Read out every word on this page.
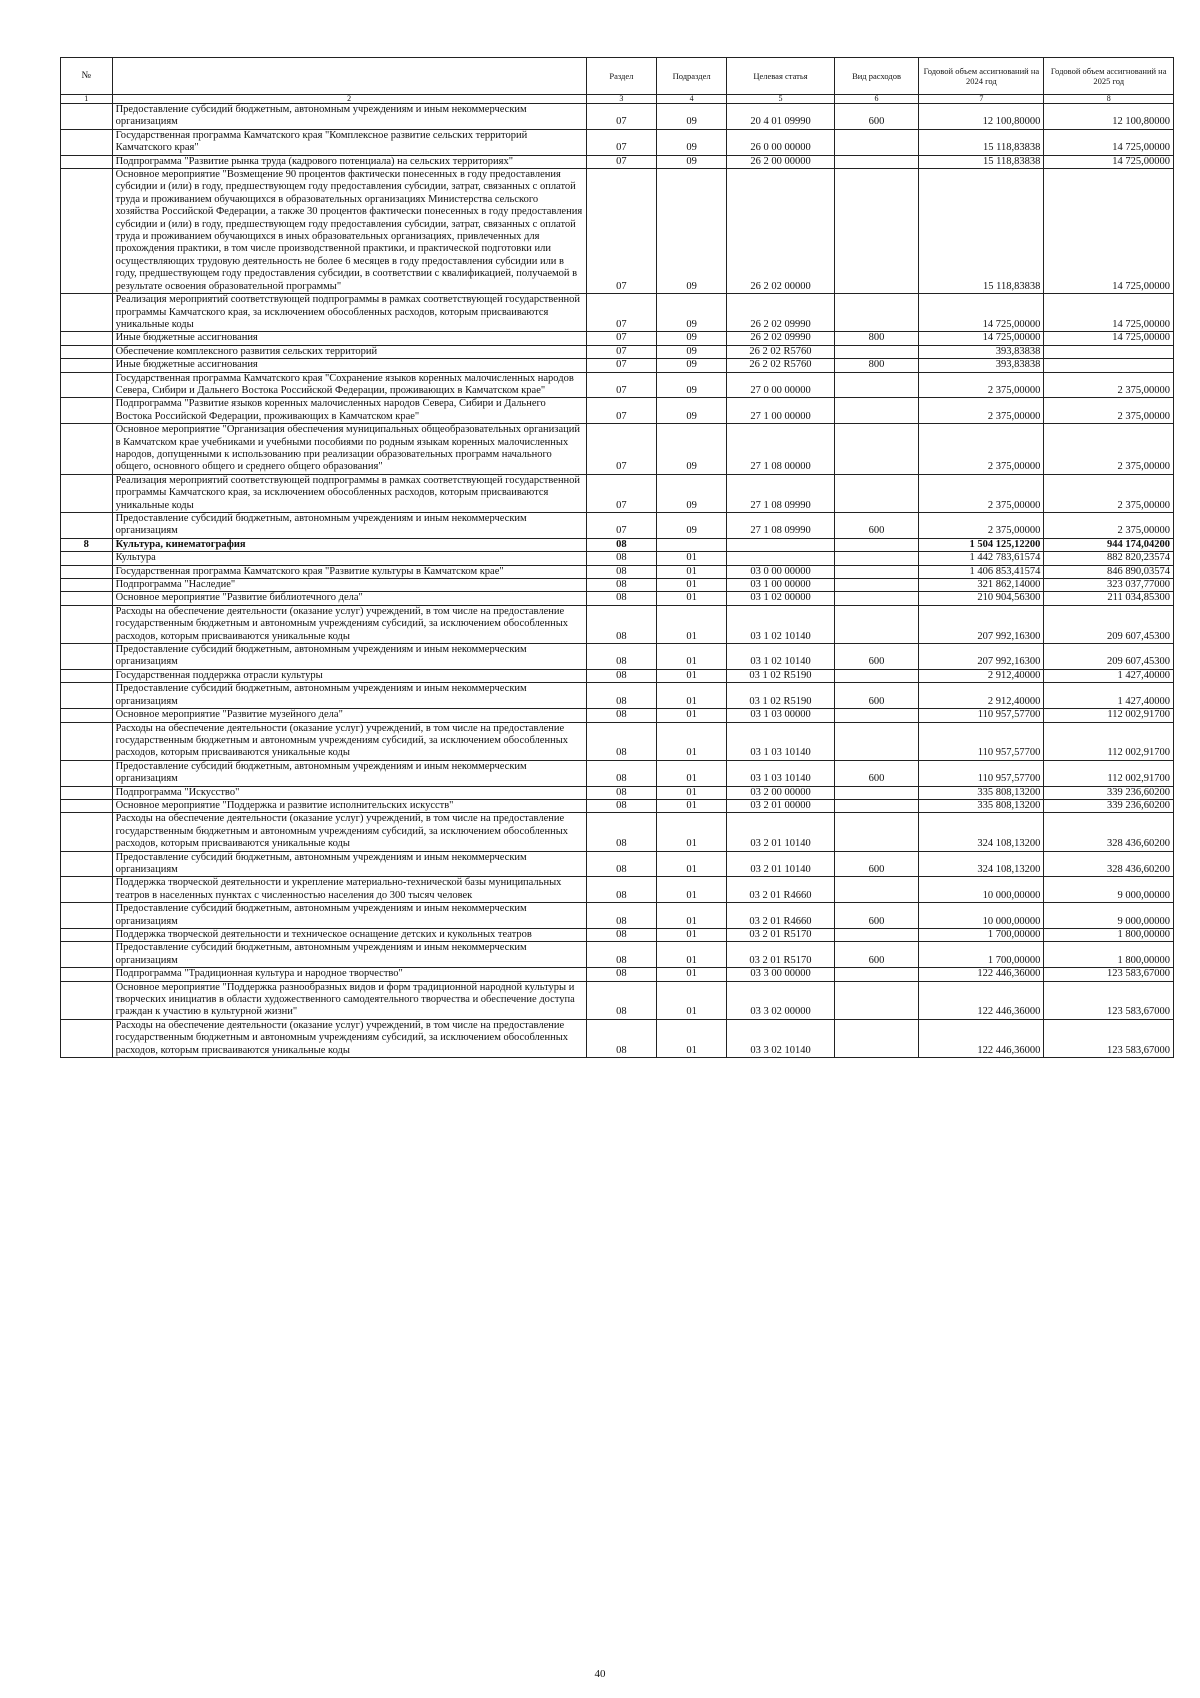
№		Раздел	Подраздел	Целевая статья	Вид расходов	Годовой объем ассигнований на 2024 год	Годовой объем ассигнований на 2025 год
1	2	3	4	5	6	7	8
	Предоставление субсидий бюджетным, автономным учреждениям и иным некоммерческим организациям	07	09	20 4 01 09990	600	12 100,80000	12 100,80000
	Государственная программа Камчатского края "Комплексное развитие сельских территорий Камчатского края"	07	09	26 0 00 00000		15 118,83838	14 725,00000
	Подпрограмма "Развитие рынка труда (кадрового потенциала) на сельских территориях"	07	09	26 2 00 00000		15 118,83838	14 725,00000
	Основное мероприятие "Возмещение 90 процентов фактически понесенных в году предоставления субсидии и (или) в году, предшествующем году предоставления субсидии, затрат, связанных с оплатой труда и проживанием обучающихся в образовательных организациях Министерства сельского хозяйства Российской Федерации, а также 30 процентов фактически понесенных в году предоставления субсидии и (или) в году, предшествующем году предоставления субсидии, затрат, связанных с оплатой труда и проживанием обучающихся в иных образовательных организациях, привлеченных для прохождения практики, в том числе производственной практики, и практической подготовки или осуществляющих трудовую деятельность не более 6 месяцев в году предоставления субсидии или в году, предшествующем году предоставления субсидии, в соответствии с квалификацией, получаемой в результате освоения образовательной программы"	07	09	26 2 02 00000		15 118,83838	14 725,00000
	Реализация мероприятий соответствующей подпрограммы в рамках соответствующей государственной программы Камчатского края, за исключением обособленных расходов, которым присваиваются уникальные коды	07	09	26 2 02 09990		14 725,00000	14 725,00000
	Иные бюджетные ассигнования	07	09	26 2 02 09990	800	14 725,00000	14 725,00000
	Обеспечение комплексного развития сельских территорий	07	09	26 2 02 R5760		393,83838	
	Иные бюджетные ассигнования	07	09	26 2 02 R5760	800	393,83838	
	Государственная программа Камчатского края "Сохранение языков коренных малочисленных народов Севера, Сибири и Дальнего Востока Российской Федерации, проживающих в Камчатском крае"	07	09	27 0 00 00000		2 375,00000	2 375,00000
	Подпрограмма "Развитие языков коренных малочисленных народов Севера, Сибири и Дальнего Востока Российской Федерации, проживающих в Камчатском крае"	07	09	27 1 00 00000		2 375,00000	2 375,00000
	Основное мероприятие "Организация обеспечения муниципальных общеобразовательных организаций в Камчатском крае учебниками и учебными пособиями по родным языкам коренных малочисленных народов, допущенными к использованию при реализации образовательных программ начального общего, основного общего и среднего общего образования"	07	09	27 1 08 00000		2 375,00000	2 375,00000
	Реализация мероприятий соответствующей подпрограммы в рамках соответствующей государственной программы Камчатского края, за исключением обособленных расходов, которым присваиваются уникальные коды	07	09	27 1 08 09990		2 375,00000	2 375,00000
	Предоставление субсидий бюджетным, автономным учреждениям и иным некоммерческим организациям	07	09	27 1 08 09990	600	2 375,00000	2 375,00000
8	Культура, кинематография	08				1 504 125,12200	944 174,04200
	Культура	08	01			1 442 783,61574	882 820,23574
	Государственная программа Камчатского края "Развитие культуры в Камчатском крае"	08	01	03 0 00 00000		1 406 853,41574	846 890,03574
	Подпрограмма "Наследие"	08	01	03 1 00 00000		321 862,14000	323 037,77000
	Основное мероприятие "Развитие библиотечного дела"	08	01	03 1 02 00000		210 904,56300	211 034,85300
	Расходы на обеспечение деятельности (оказание услуг) учреждений, в том числе на предоставление государственным бюджетным и автономным учреждениям субсидий, за исключением обособленных расходов, которым присваиваются уникальные коды	08	01	03 1 02 10140		207 992,16300	209 607,45300
	Предоставление субсидий бюджетным, автономным учреждениям и иным некоммерческим организациям	08	01	03 1 02 10140	600	207 992,16300	209 607,45300
	Государственная поддержка отрасли культуры	08	01	03 1 02 R5190		2 912,40000	1 427,40000
	Предоставление субсидий бюджетным, автономным учреждениям и иным некоммерческим организациям	08	01	03 1 02 R5190	600	2 912,40000	1 427,40000
	Основное мероприятие "Развитие музейного дела"	08	01	03 1 03 00000		110 957,57700	112 002,91700
	Расходы на обеспечение деятельности (оказание услуг) учреждений, в том числе на предоставление государственным бюджетным и автономным учреждениям субсидий, за исключением обособленных расходов, которым присваиваются уникальные коды	08	01	03 1 03 10140		110 957,57700	112 002,91700
	Предоставление субсидий бюджетным, автономным учреждениям и иным некоммерческим организациям	08	01	03 1 03 10140	600	110 957,57700	112 002,91700
	Подпрограмма "Искусство"	08	01	03 2 00 00000		335 808,13200	339 236,60200
	Основное мероприятие "Поддержка и развитие исполнительских искусств"	08	01	03 2 01 00000		335 808,13200	339 236,60200
	Расходы на обеспечение деятельности (оказание услуг) учреждений, в том числе на предоставление государственным бюджетным и автономным учреждениям субсидий, за исключением обособленных расходов, которым присваиваются уникальные коды	08	01	03 2 01 10140		324 108,13200	328 436,60200
	Предоставление субсидий бюджетным, автономным учреждениям и иным некоммерческим организациям	08	01	03 2 01 10140	600	324 108,13200	328 436,60200
	Поддержка творческой деятельности и укрепление материально-технической базы муниципальных театров в населенных пунктах с численностью населения до 300 тысяч человек	08	01	03 2 01 R4660		10 000,00000	9 000,00000
	Предоставление субсидий бюджетным, автономным учреждениям и иным некоммерческим организациям	08	01	03 2 01 R4660	600	10 000,00000	9 000,00000
	Поддержка творческой деятельности и техническое оснащение детских и кукольных театров	08	01	03 2 01 R5170		1 700,00000	1 800,00000
	Предоставление субсидий бюджетным, автономным учреждениям и иным некоммерческим организациям	08	01	03 2 01 R5170	600	1 700,00000	1 800,00000
	Подпрограмма "Традиционная культура и народное творчество"	08	01	03 3 00 00000		122 446,36000	123 583,67000
	Основное мероприятие "Поддержка разнообразных видов и форм традиционной народной культуры и творческих инициатив в области художественного самодеятельного творчества и обеспечение доступа граждан к участию в культурной жизни"	08	01	03 3 02 00000		122 446,36000	123 583,67000
	Расходы на обеспечение деятельности (оказание услуг) учреждений, в том числе на предоставление государственным бюджетным и автономным учреждениям субсидий, за исключением обособленных расходов, которым присваиваются уникальные коды	08	01	03 3 02 10140		122 446,36000	123 583,67000
40
